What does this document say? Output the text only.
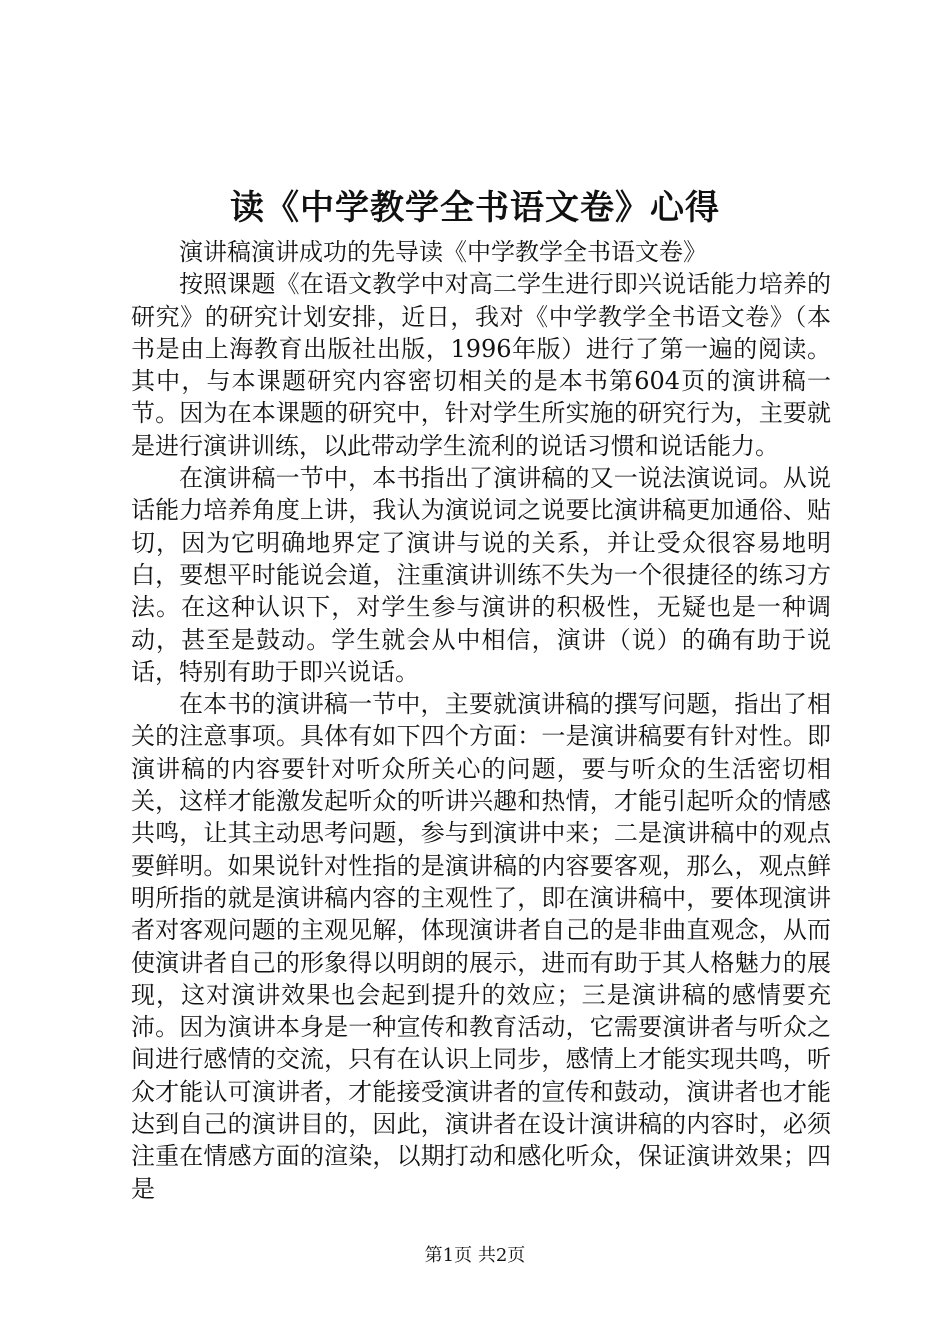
读《中学教学全书语文卷》心得

演讲稿演讲成功的先导读《中学教学全书语文卷》

按照课题《在语文教学中对高二学生进行即兴说话能力培养的研究》的研究计划安排，近日，我对《中学教学全书语文卷》（本书是由上海教育出版社出版，1996年版）进行了第一遍的阅读。其中，与本课题研究内容密切相关的是本书第604页的演讲稿一节。因为在本课题的研究中，针对学生所实施的研究行为，主要就是进行演讲训练，以此带动学生流利的说话习惯和说话能力。

在演讲稿一节中，本书指出了演讲稿的又一说法演说词。从说话能力培养角度上讲，我认为演说词之说要比演讲稿更加通俗、贴切，因为它明确地界定了演讲与说的关系，并让受众很容易地明白，要想平时能说会道，注重演讲训练不失为一个很捷径的练习方法。在这种认识下，对学生参与演讲的积极性，无疑也是一种调动，甚至是鼓动。学生就会从中相信，演讲（说）的确有助于说话，特别有助于即兴说话。

在本书的演讲稿一节中，主要就演讲稿的撰写问题，指出了相关的注意事项。具体有如下四个方面：一是演讲稿要有针对性。即演讲稿的内容要针对听众所关心的问题，要与听众的生活密切相关，这样才能激发起听众的听讲兴趣和热情，才能引起听众的情感共鸣，让其主动思考问题，参与到演讲中来；二是演讲稿中的观点要鲜明。如果说针对性指的是演讲稿的内容要客观，那么，观点鲜明所指的就是演讲稿内容的主观性了，即在演讲稿中，要体现演讲者对客观问题的主观见解，体现演讲者自己的是非曲直观念，从而使演讲者自己的形象得以明朗的展示，进而有助于其人格魅力的展现，这对演讲效果也会起到提升的效应；三是演讲稿的感情要充沛。因为演讲本身是一种宣传和教育活动，它需要演讲者与听众之间进行感情的交流，只有在认识上同步，感情上才能实现共鸣，听众才能认可演讲者，才能接受演讲者的宣传和鼓动，演讲者也才能达到自己的演讲目的，因此，演讲者在设计演讲稿的内容时，必须注重在情感方面的渲染，以期打动和感化听众，保证演讲效果；四是

第1页 共2页
